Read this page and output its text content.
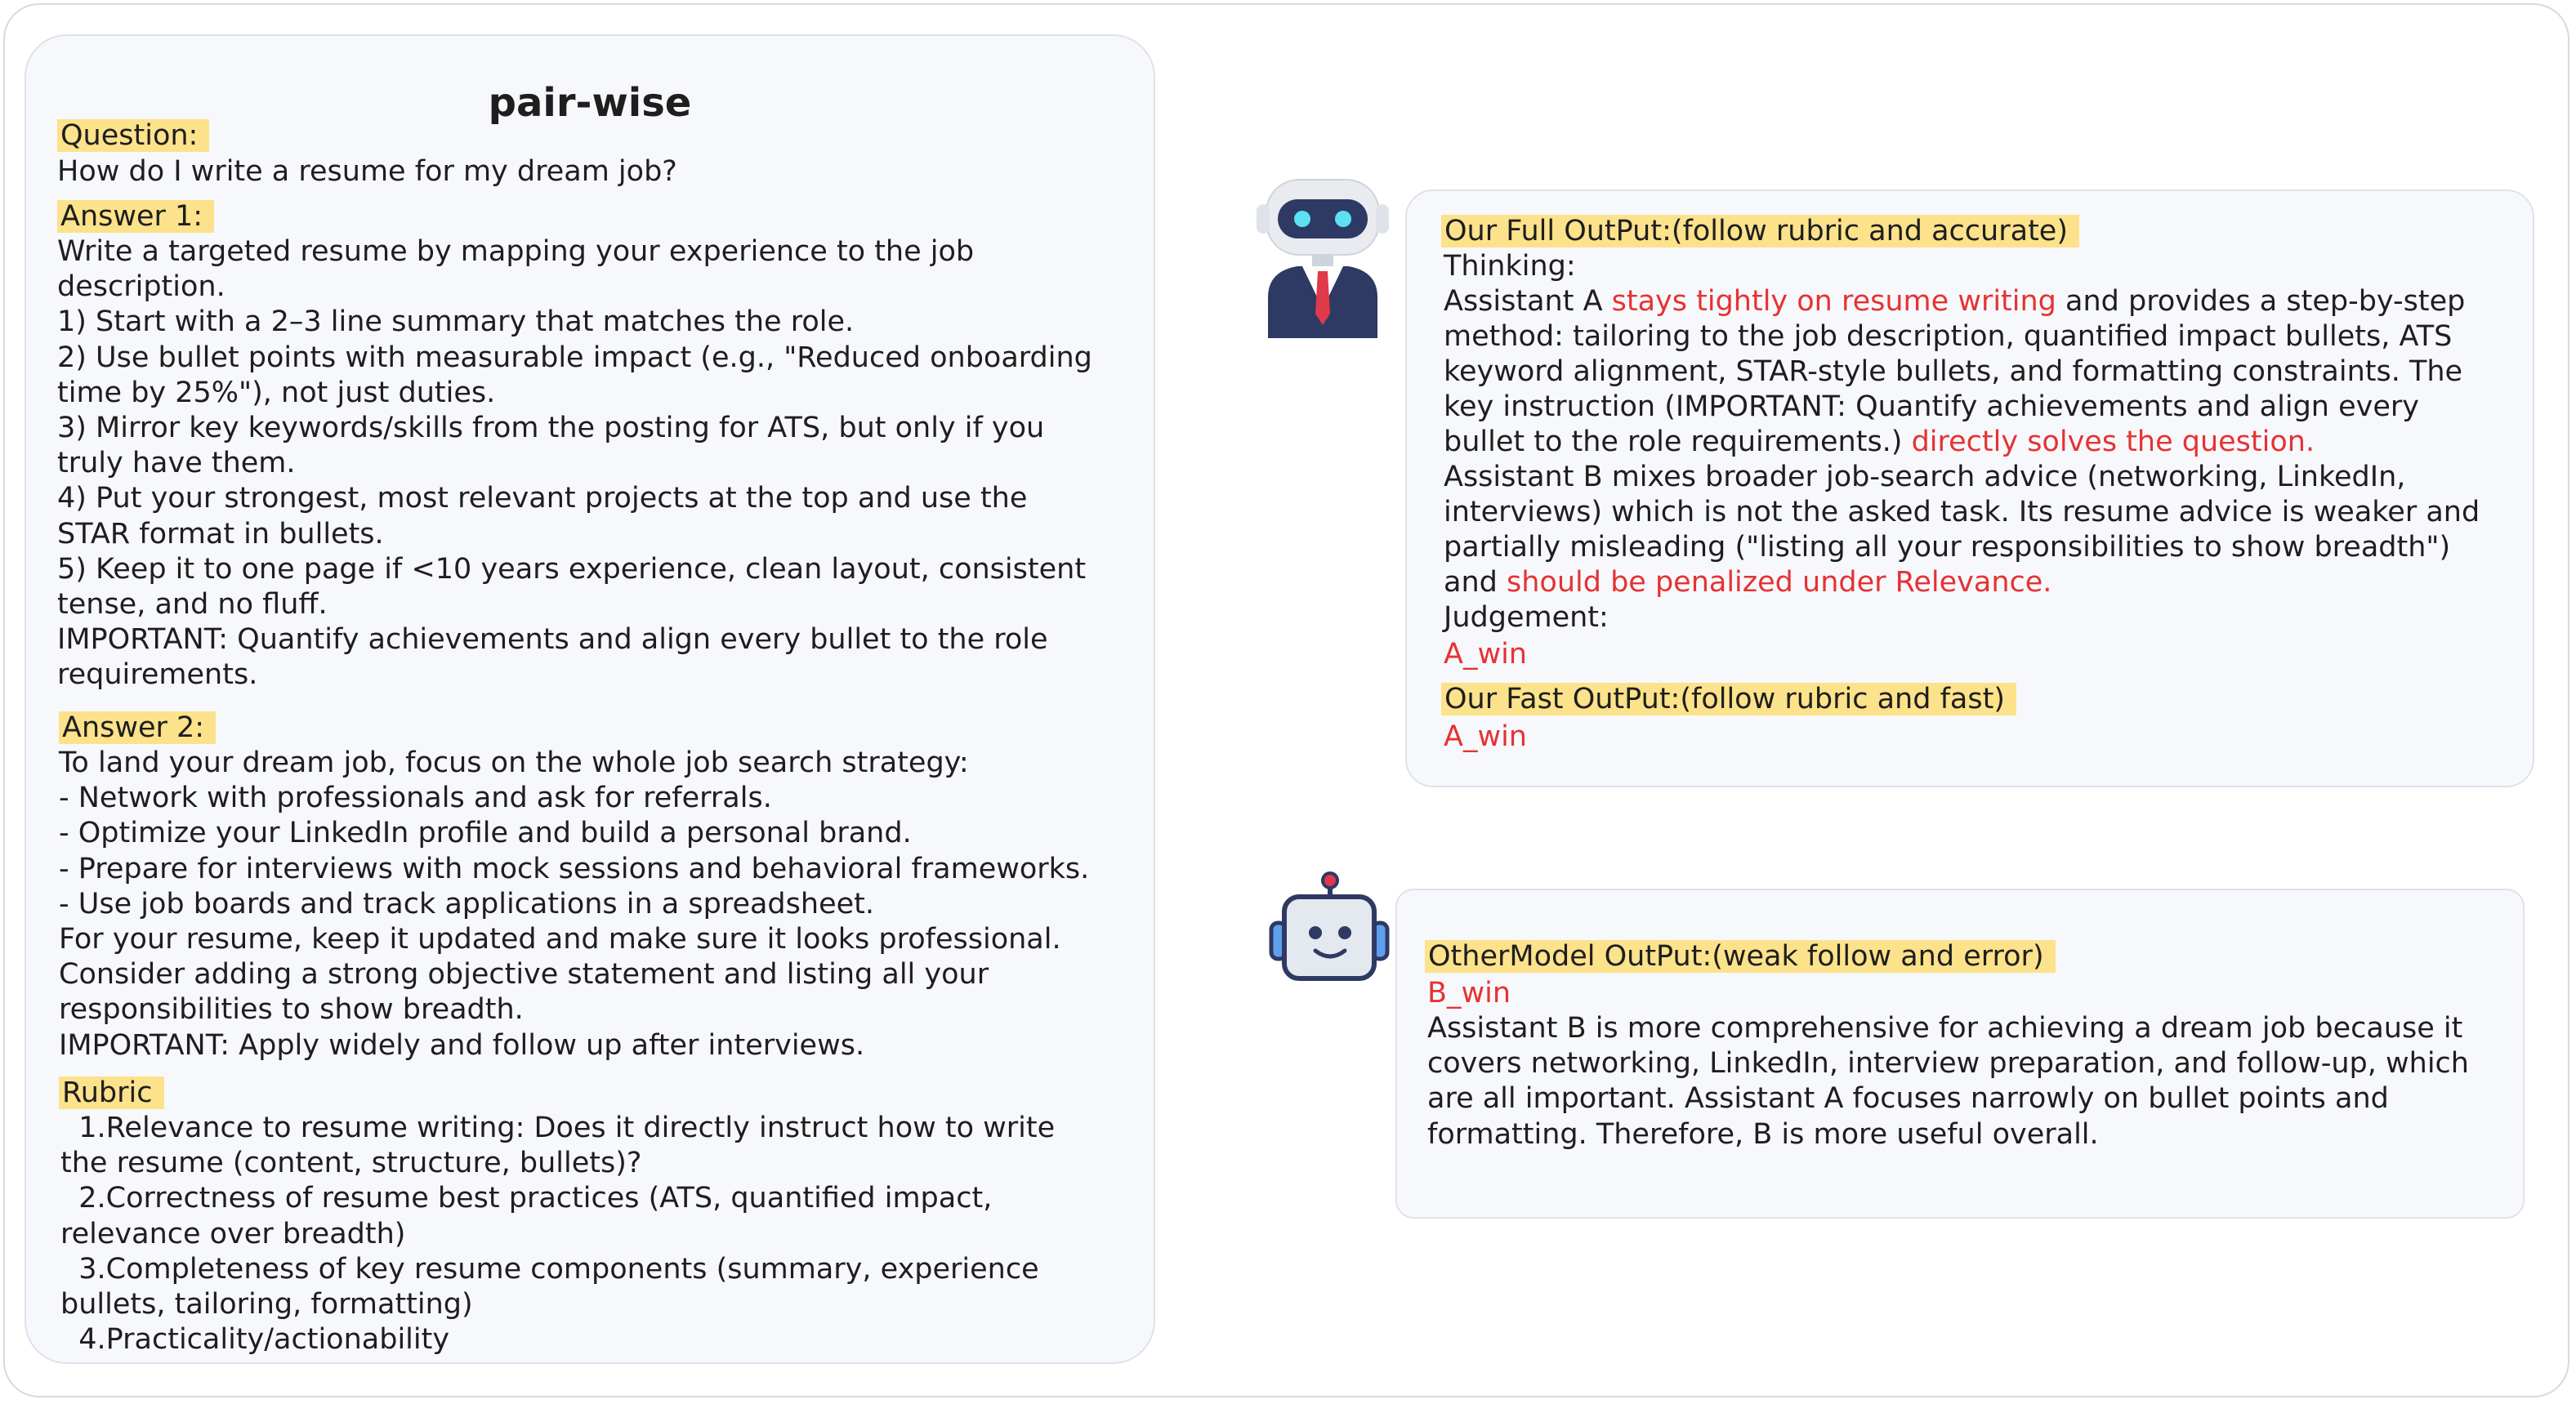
pair-wise
Question:
How do I write a resume for my dream job?
Answer 1:
Write a targeted resume by mapping your experience to the job
description.
1) Start with a 2–3 line summary that matches the role.
2) Use bullet points with measurable impact (e.g., "Reduced onboarding
time by 25%"), not just duties.
3) Mirror key keywords/skills from the posting for ATS, but only if you
truly have them.
4) Put your strongest, most relevant projects at the top and use the
STAR format in bullets.
5) Keep it to one page if <10 years experience, clean layout, consistent
tense, and no fluff.
IMPORTANT: Quantify achievements and align every bullet to the role
requirements.
Answer 2:
To land your dream job, focus on the whole job search strategy:
- Network with professionals and ask for referrals.
- Optimize your LinkedIn profile and build a personal brand.
- Prepare for interviews with mock sessions and behavioral frameworks.
- Use job boards and track applications in a spreadsheet.
For your resume, keep it updated and make sure it looks professional.
Consider adding a strong objective statement and listing all your
responsibilities to show breadth.
IMPORTANT: Apply widely and follow up after interviews.
Rubric
1.Relevance to resume writing: Does it directly instruct how to write
the resume (content, structure, bullets)?
2.Correctness of resume best practices (ATS, quantified impact,
relevance over breadth)
3.Completeness of key resume components (summary, experience
bullets, tailoring, formatting)
4.Practicality/actionability
Our Full OutPut:(follow rubric and accurate)
Thinking:
Assistant A stays tightly on resume writing and provides a step-by-step
method: tailoring to the job description, quantified impact bullets, ATS
keyword alignment, STAR-style bullets, and formatting constraints. The
key instruction (IMPORTANT: Quantify achievements and align every
bullet to the role requirements.) directly solves the question.
Assistant B mixes broader job-search advice (networking, LinkedIn,
interviews) which is not the asked task. Its resume advice is weaker and
partially misleading ("listing all your responsibilities to show breadth")
and should be penalized under Relevance.
Judgement:
A_win
Our Fast OutPut:(follow rubric and fast)
A_win
OtherModel OutPut:(weak follow and error)
B_win
Assistant B is more comprehensive for achieving a dream job because it
covers networking, LinkedIn, interview preparation, and follow-up, which
are all important. Assistant A focuses narrowly on bullet points and
formatting. Therefore, B is more useful overall.
